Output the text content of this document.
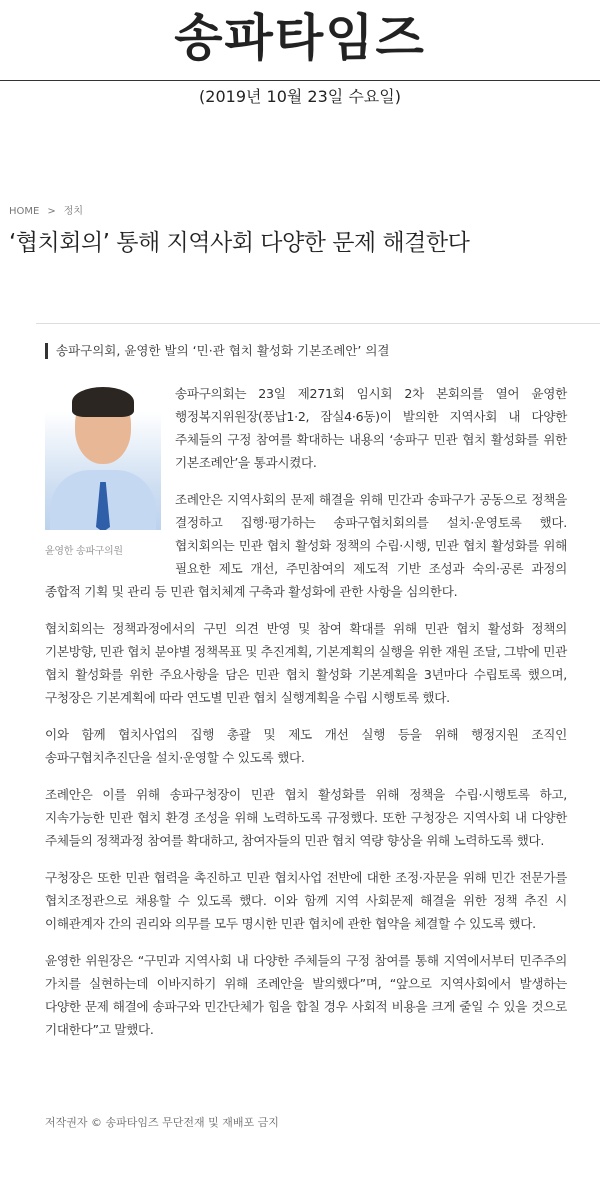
송파타임즈
(2019년 10월 23일 수요일)
HOME > 정치
‘협치회의’ 통해 지역사회 다양한 문제 해결한다
송파구의회, 윤영한 발의 ‘민·관 협치 활성화 기본조례안’ 의결
윤영한 송파구의원

송파구의회는 23일 제271회 임시회 2차 본회의를 열어 윤영한 행정복지위원장(풍납1·2, 잠실4·6동)이 발의한 지역사회 내 다양한 주체들의 구정 참여를 확대하는 내용의 ‘송파구 민관 협치 활성화를 위한 기본조례안’을 통과시켰다.

조례안은 지역사회의 문제 해결을 위해 민간과 송파구가 공동으로 정책을 결정하고 집행·평가하는 송파구협치회의를 설치·운영토록 했다. 협치회의는 민관 협치 활성화 정책의 수립·시행, 민관 협치 활성화를 위해 필요한 제도 개선, 주민참여의 제도적 기반 조성과 숙의·공론 과정의 종합적 기획 및 관리 등 민관 협치체계 구축과 활성화에 관한 사항을 심의한다.

협치회의는 정책과정에서의 구민 의견 반영 및 참여 확대를 위해 민관 협치 활성화 정책의 기본방향, 민관 협치 분야별 정책목표 및 추진계획, 기본계획의 실행을 위한 재원 조달, 그밖에 민관 협치 활성화를 위한 주요사항을 담은 민관 협치 활성화 기본계획을 3년마다 수립토록 했으며, 구청장은 기본계획에 따라 연도별 민관 협치 실행계획을 수립 시행토록 했다.

이와 함께 협치사업의 집행 총괄 및 제도 개선 실행 등을 위해 행정지원 조직인 송파구협치추진단을 설치·운영할 수 있도록 했다.

조례안은 이를 위해 송파구청장이 민관 협치 활성화를 위해 정책을 수립·시행토록 하고, 지속가능한 민관 협치 환경 조성을 위해 노력하도록 규정했다. 또한 구청장은 지역사회 내 다양한 주체들의 정책과정 참여를 확대하고, 참여자들의 민관 협치 역량 향상을 위해 노력하도록 했다.

구청장은 또한 민관 협력을 촉진하고 민관 협치사업 전반에 대한 조정·자문을 위해 민간 전문가를 협치조정관으로 채용할 수 있도록 했다. 이와 함께 지역 사회문제 해결을 위한 정책 추진 시 이해관계자 간의 권리와 의무를 모두 명시한 민관 협치에 관한 협약을 체결할 수 있도록 했다.

윤영한 위원장은 “구민과 지역사회 내 다양한 주체들의 구정 참여를 통해 지역에서부터 민주주의 가치를 실현하는데 이바지하기 위해 조례안을 발의했다”며, “앞으로 지역사회에서 발생하는 다양한 문제 해결에 송파구와 민간단체가 힘을 합칠 경우 사회적 비용을 크게 줄일 수 있을 것으로 기대한다”고 말했다.

저작권자 © 송파타임즈 무단전재 및 재배포 금지
